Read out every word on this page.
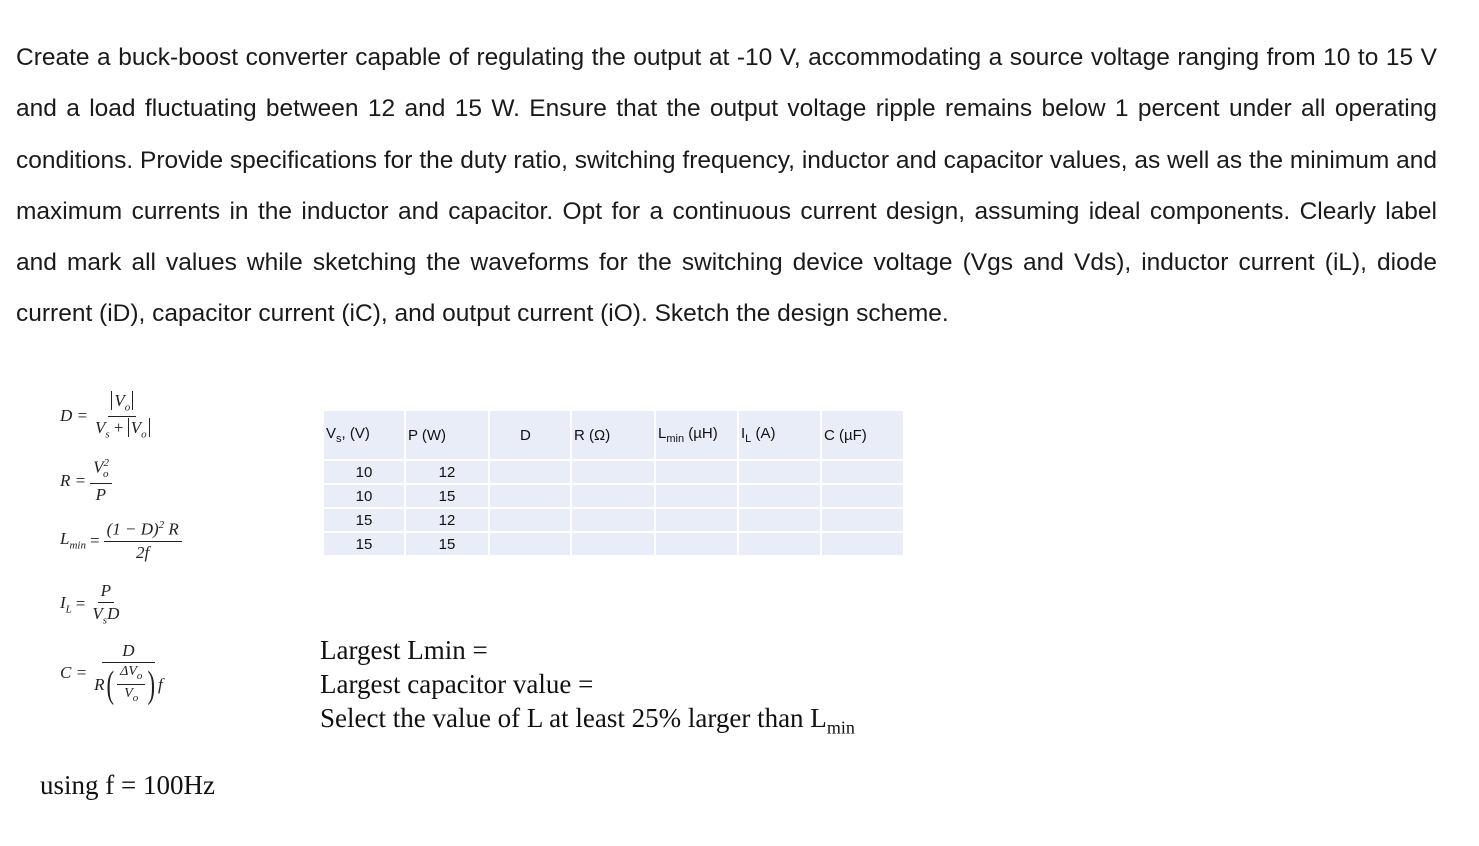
Create a buck-boost converter capable of regulating the output at -10 V, accommodating a source voltage ranging from 10 to 15 V and a load fluctuating between 12 and 15 W. Ensure that the output voltage ripple remains below 1 percent under all operating conditions. Provide specifications for the duty ratio, switching frequency, inductor and capacitor values, as well as the minimum and maximum currents in the inductor and capacitor. Opt for a continuous current design, assuming ideal components. Clearly label and mark all values while sketching the waveforms for the switching device voltage (Vgs and Vds), inductor current (iL), diode current (iD), capacitor current (iC), and output current (iO). Sketch the design scheme.

$D = \frac{V_o}{V_s + V_o}$
$R = \frac{V^2_o}{P}$
$L_{min} = \frac{(1 - D)^2 R}{2f}$
$I_L = \frac{P}{V_sD}$
C =
D
R ( $\frac{\Delta V_o}{V_o}$ ) f
$V_s$, (V)	P (W)	D	R (Ω)	$L_{min}$ (µH)	$I_L$ (A)	C (µF)
10	12					
10	15					
15	12					
15	15					
Largest Lmin =
Largest capacitor value =
Select the value of L at least 25% larger than $L_{min}$
using f = 100Hz
